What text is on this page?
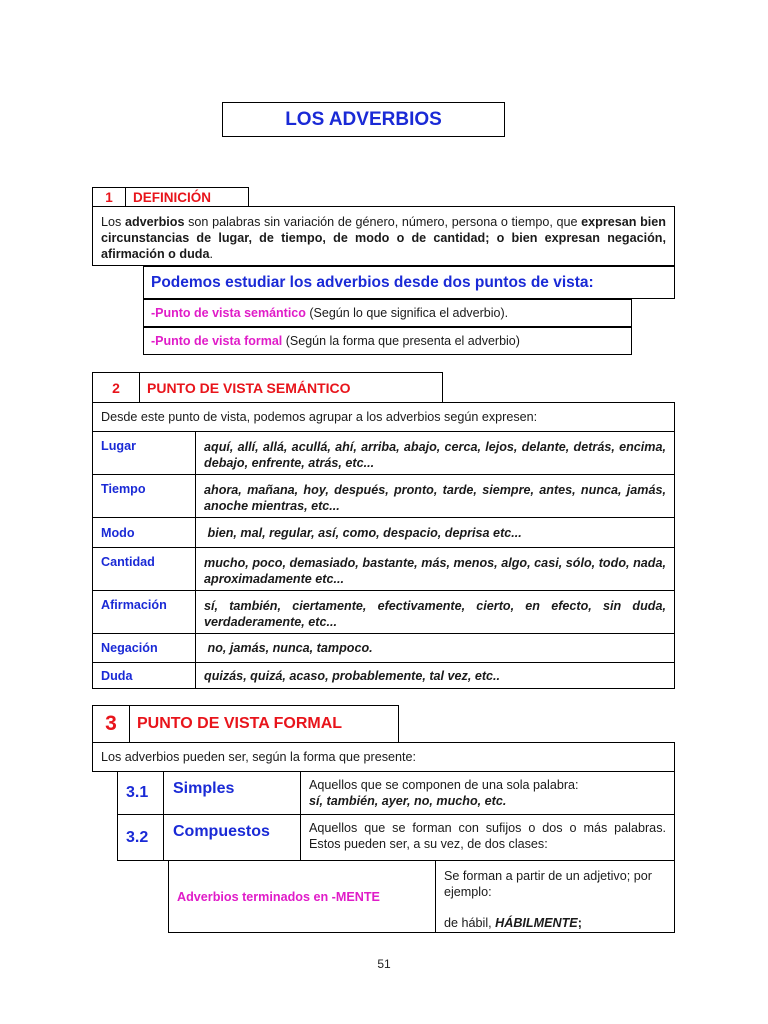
LOS ADVERBIOS
1	DEFINICIÓN
Los adverbios son palabras sin variación de género, número, persona o tiempo, que expresan bien circunstancias de lugar, de tiempo, de modo o de cantidad; o bien expresan negación, afirmación o duda.
Podemos estudiar los adverbios desde dos puntos de vista:
-Punto de vista semántico (Según lo que significa el adverbio).
-Punto de vista formal (Según la forma que presenta el adverbio)
2	PUNTO DE VISTA SEMÁNTICO
Desde este punto de vista, podemos agrupar a los adverbios según expresen:
Lugar	aquí, allí, allá, acullá, ahí, arriba, abajo, cerca, lejos, delante, detrás, encima, debajo, enfrente, atrás, etc...
Tiempo	ahora, mañana, hoy, después, pronto, tarde, siempre, antes, nunca, jamás, anoche mientras, etc...
Modo	bien, mal, regular, así, como, despacio, deprisa etc...
Cantidad	mucho, poco, demasiado, bastante, más, menos, algo, casi, sólo, todo, nada, aproximadamente etc...
Afirmación	sí, también, ciertamente, efectivamente, cierto, en efecto, sin duda, verdaderamente, etc...
Negación	no, jamás, nunca, tampoco.
Duda	quizás, quizá, acaso, probablemente, tal vez, etc..
3	PUNTO DE VISTA FORMAL
Los adverbios pueden ser, según la forma que presente:
3.1	Simples	Aquellos que se componen de una sola palabra:
sí, también, ayer, no, mucho, etc.
3.2	Compuestos	Aquellos que se forman con sufijos o dos o más palabras. Estos pueden ser, a su vez, de dos clases:
Adverbios terminados en -MENTE
Se forman a partir de un adjetivo; por ejemplo:
de hábil, HÁBILMENTE;
51
